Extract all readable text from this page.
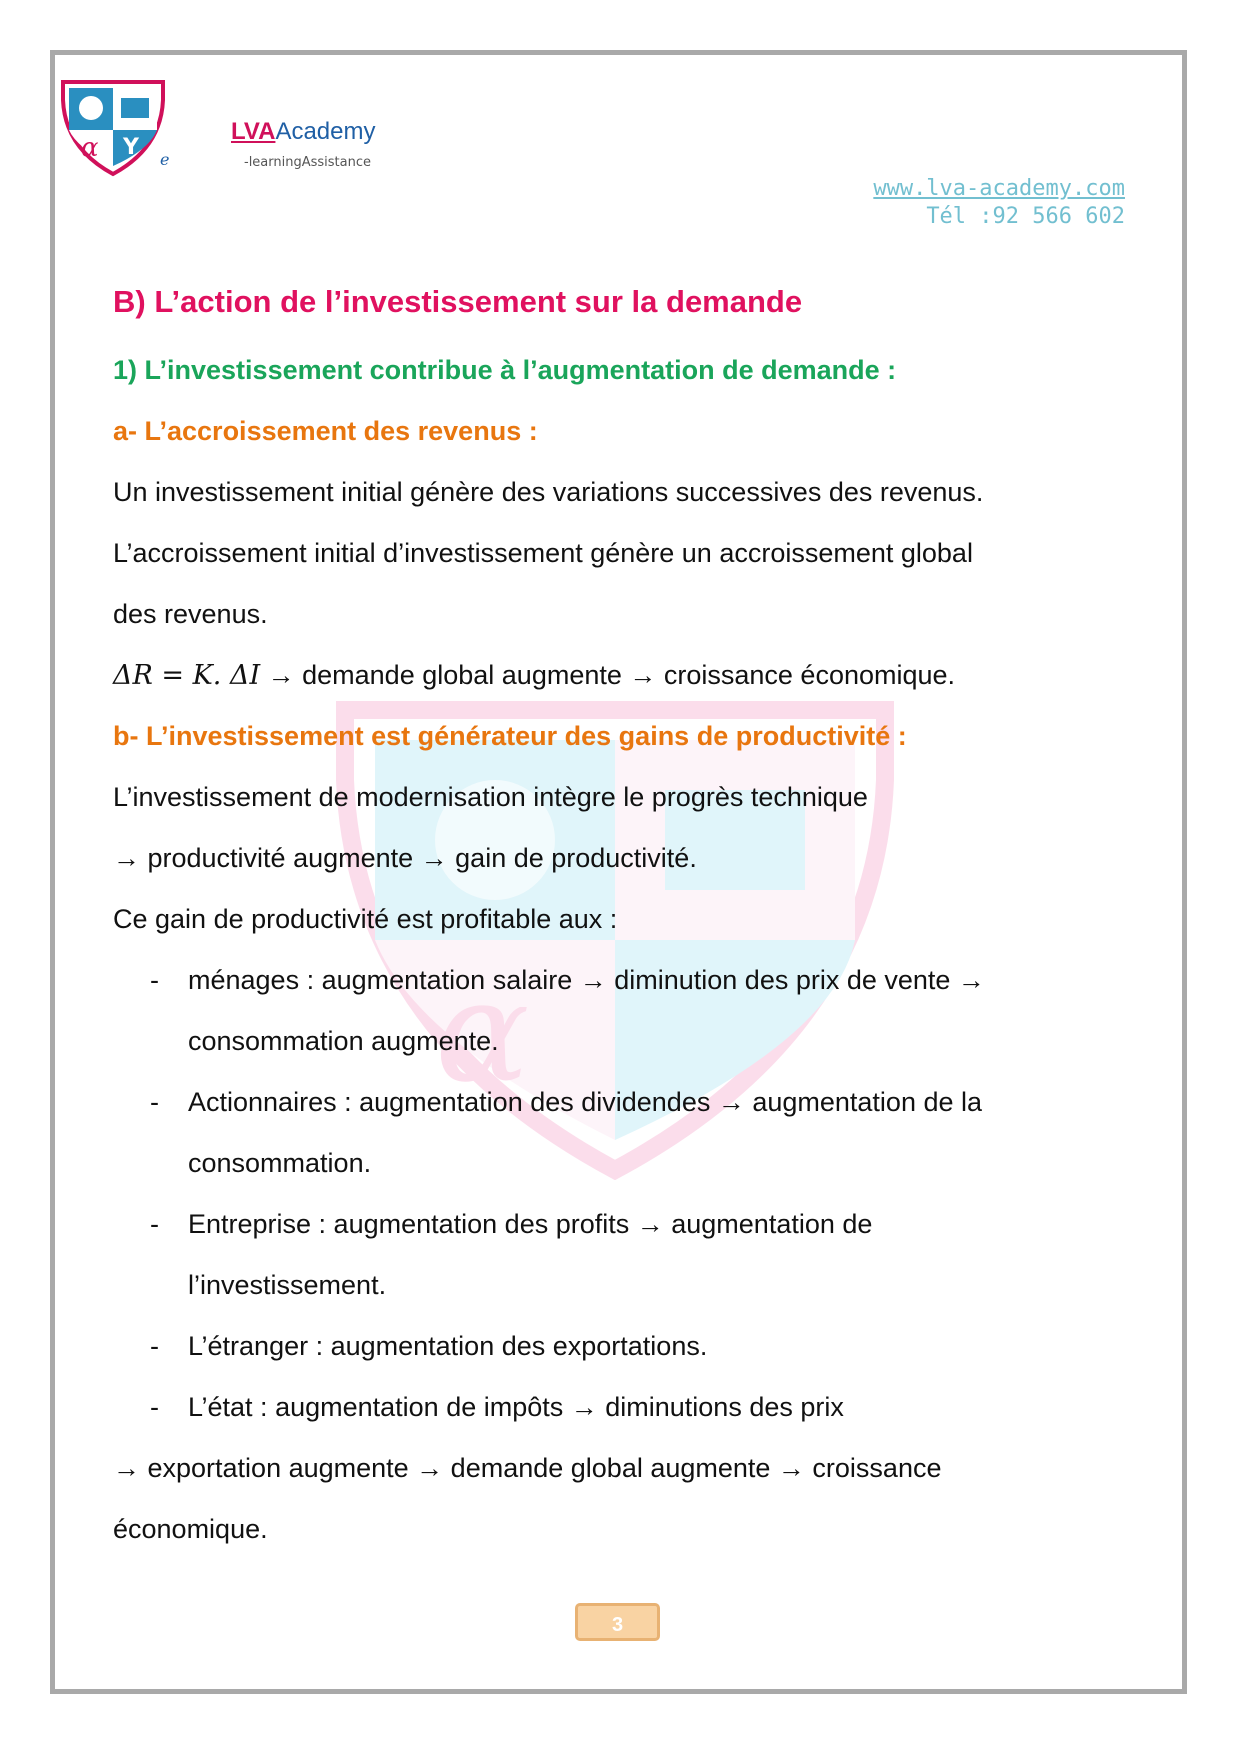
α Y e
LVAAcademy
-learningAssistance
www.lva-academy.com
Tél :92 566 602
α
B) L’action de l’investissement sur la demande
1) L’investissement contribue à l’augmentation de demande :
a- L’accroissement des revenus :
Un investissement initial génère des variations successives des revenus.
L’accroissement initial d’investissement génère un accroissement global
des revenus.
ΔR = K. ΔI → demande global augmente → croissance économique.
b- L’investissement est générateur des gains de productivité :
L’investissement de modernisation intègre le progrès technique
→ productivité augmente → gain de productivité.
Ce gain de productivité est profitable aux :
- ménages : augmentation salaire → diminution des prix de vente →
consommation augmente.
- Actionnaires : augmentation des dividendes → augmentation de la
consommation.
- Entreprise : augmentation des profits → augmentation de
l’investissement.
- L’étranger : augmentation des exportations.
- L’état : augmentation de impôts → diminutions des prix
→ exportation augmente → demande global augmente → croissance
économique.
3
